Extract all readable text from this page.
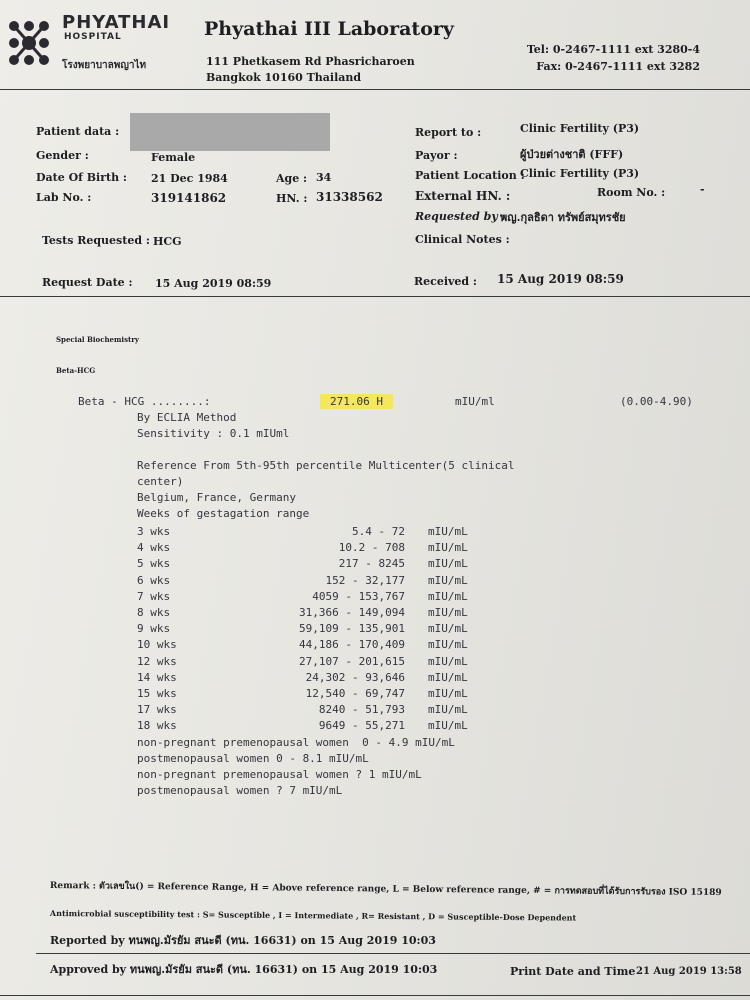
PHYATHAI
HOSPITAL
โรงพยาบาลพญาไท
Phyathai III Laboratory
111 Phetkasem Rd Phasricharoen
Bangkok 10160 Thailand
Tel: 0-2467-1111 ext 3280-4
Fax: 0-2467-1111 ext 3282
Patient data :
Gender :	Female
Date Of Birth : 21 Dec 1984	Age : 34
Lab No. :	319141862	HN. : 31338562
Tests Requested : HCG
Report to :	Clinic Fertility (P3)
Payor :	ผู้ป่วยต่างชาติ (FFF)
Patient Location :
Clinic Fertility (P3)
External HN. :	Room No. :	-
Requested by :
พญ.กุลธิดา ทรัพย์สมุทรชัย
Clinical Notes :
Request Date : 15 Aug 2019 08:59	Received : 15 Aug 2019 08:59
Special Biochemistry
Beta-HCG
Beta - HCG ........:	271.06 H	mIU/ml	(0.00-4.90)
By ECLIA Method
Sensitivity : 0.1 mIUml
Reference From 5th-95th percentile Multicenter(5 clinical
center)
Belgium, France, Germany
Weeks of gestagation range
3 wks	5.4 - 72 mIU/mL
4 wks	10.2 - 708 mIU/mL
5 wks	217 - 8245 mIU/mL
6 wks	152 - 32,177 mIU/mL
7 wks	4059 - 153,767 mIU/mL
8 wks	31,366 - 149,094 mIU/mL
9 wks	59,109 - 135,901 mIU/mL
10 wks	44,186 - 170,409 mIU/mL
12 wks	27,107 - 201,615 mIU/mL
14 wks	24,302 - 93,646 mIU/mL
15 wks	12,540 - 69,747 mIU/mL
17 wks	8240 - 51,793 mIU/mL
18 wks	9649 - 55,271 mIU/mL
non-pregnant premenopausal women  0 - 4.9 mIU/mL
postmenopausal women 0 - 8.1 mIU/mL
non-pregnant premenopausal women ? 1 mIU/mL
postmenopausal women ? 7 mIU/mL
Remark : ตัวเลขใน() = Reference Range, H = Above reference range, L = Below reference range, # = การทดสอบที่ได้รับการรับรอง ISO 15189
Antimicrobial susceptibility test : S= Susceptible , I = Intermediate , R= Resistant , D = Susceptible-Dose Dependent
Reported by ทนพญ.มัรยัม สนะดี (ทน. 16631) on 15 Aug 2019 10:03
Approved by ทนพญ.มัรยัม สนะดี (ทน. 16631) on 15 Aug 2019 10:03	Print Date and Time 21 Aug 2019 13:58
